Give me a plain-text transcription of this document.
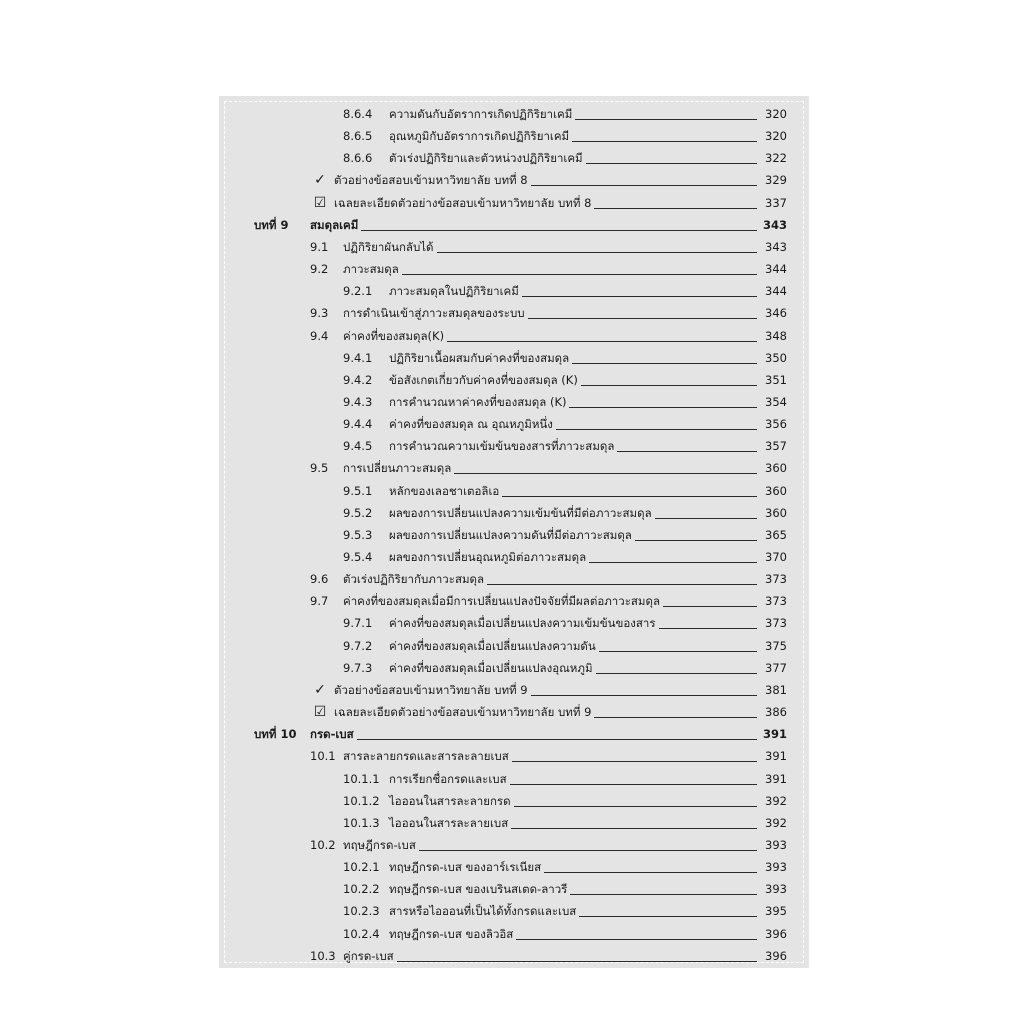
8.6.4 ความดันกับอัตราการเกิดปฏิกิริยาเคมี	320
8.6.5 อุณหภูมิกับอัตราการเกิดปฏิกิริยาเคมี	320
8.6.6 ตัวเร่งปฏิกิริยาและตัวหน่วงปฏิกิริยาเคมี	322
✓ ตัวอย่างข้อสอบเข้ามหาวิทยาลัย บทที่ 8	329
☑ เฉลยละเอียดตัวอย่างข้อสอบเข้ามหาวิทยาลัย บทที่ 8	337
บทที่ 9 สมดุลเคมี	343
9.1 ปฏิกิริยาผันกลับได้	343
9.2 ภาวะสมดุล	344
9.2.1 ภาวะสมดุลในปฏิกิริยาเคมี	344
9.3 การดำเนินเข้าสู่ภาวะสมดุลของระบบ	346
9.4 ค่าคงที่ของสมดุล(K)	348
9.4.1 ปฏิกิริยาเนื้อผสมกับค่าคงที่ของสมดุล	350
9.4.2 ข้อสังเกตเกี่ยวกับค่าคงที่ของสมดุล (K)	351
9.4.3 การคำนวณหาค่าคงที่ของสมดุล (K)	354
9.4.4 ค่าคงที่ของสมดุล ณ อุณหภูมิหนึ่ง	356
9.4.5 การคำนวณความเข้มข้นของสารที่ภาวะสมดุล	357
9.5 การเปลี่ยนภาวะสมดุล	360
9.5.1 หลักของเลอชาเตอลิเอ	360
9.5.2 ผลของการเปลี่ยนแปลงความเข้มข้นที่มีต่อภาวะสมดุล	360
9.5.3 ผลของการเปลี่ยนแปลงความดันที่มีต่อภาวะสมดุล	365
9.5.4 ผลของการเปลี่ยนอุณหภูมิต่อภาวะสมดุล	370
9.6 ตัวเร่งปฏิกิริยากับภาวะสมดุล	373
9.7 ค่าคงที่ของสมดุลเมื่อมีการเปลี่ยนแปลงปัจจัยที่มีผลต่อภาวะสมดุล	373
9.7.1 ค่าคงที่ของสมดุลเมื่อเปลี่ยนแปลงความเข้มข้นของสาร	373
9.7.2 ค่าคงที่ของสมดุลเมื่อเปลี่ยนแปลงความดัน	375
9.7.3 ค่าคงที่ของสมดุลเมื่อเปลี่ยนแปลงอุณหภูมิ	377
✓ ตัวอย่างข้อสอบเข้ามหาวิทยาลัย บทที่ 9	381
☑ เฉลยละเอียดตัวอย่างข้อสอบเข้ามหาวิทยาลัย บทที่ 9	386
บทที่ 10 กรด-เบส	391
10.1 สารละลายกรดและสารละลายเบส	391
10.1.1 การเรียกชื่อกรดและเบส	391
10.1.2 ไอออนในสารละลายกรด	392
10.1.3 ไอออนในสารละลายเบส	392
10.2 ทฤษฎีกรด-เบส	393
10.2.1 ทฤษฎีกรด-เบส ของอาร์เรเนียส	393
10.2.2 ทฤษฎีกรด-เบส ของเบรินสเตด-ลาวรี	393
10.2.3 สารหรือไอออนที่เป็นได้ทั้งกรดและเบส	395
10.2.4 ทฤษฎีกรด-เบส ของลิวอิส	396
10.3 คู่กรด-เบส	396
